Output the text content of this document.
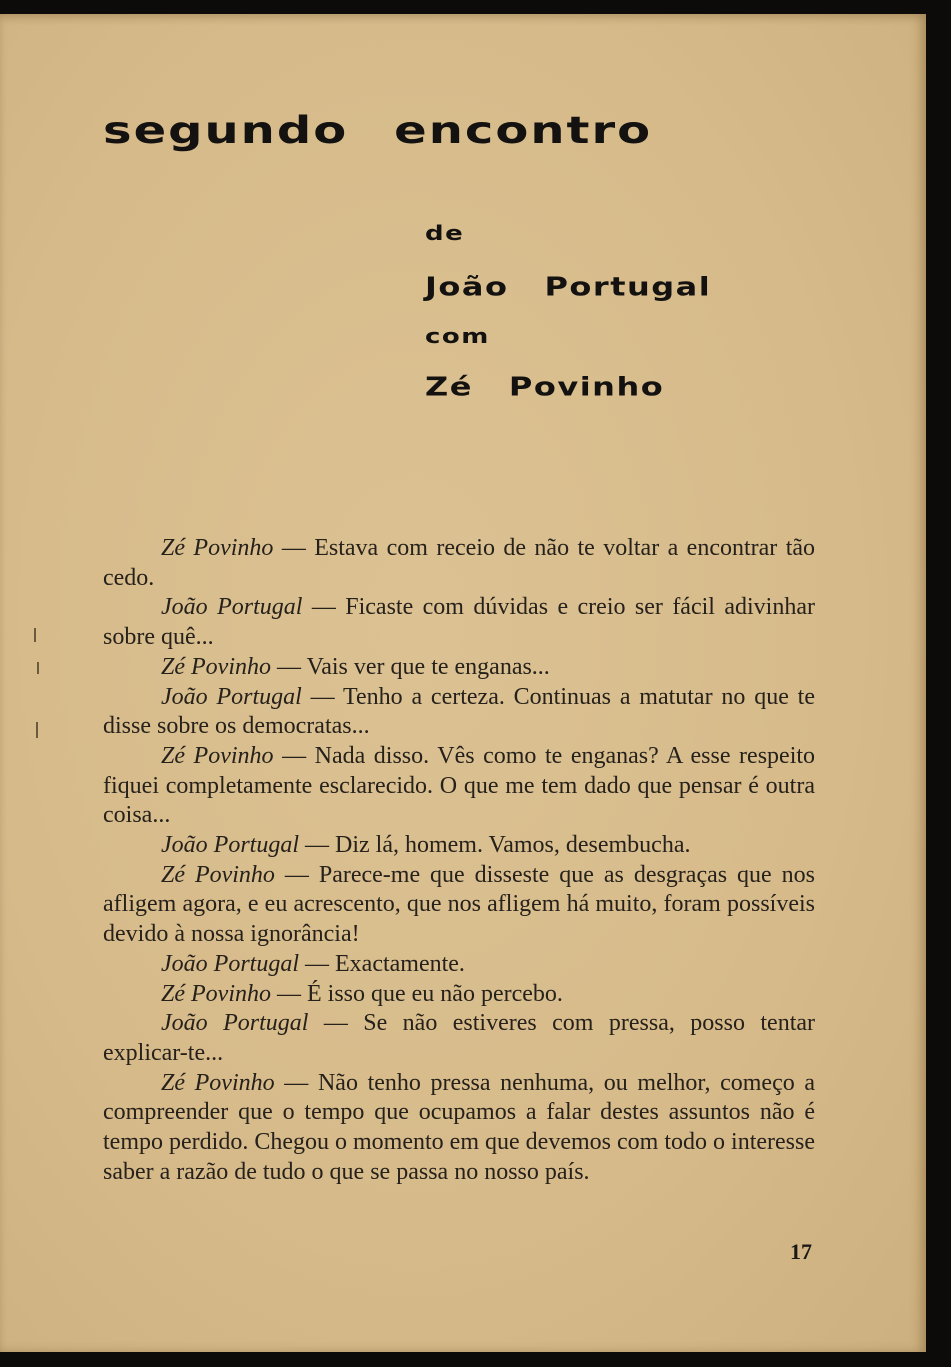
segundo encontro
de
João Portugal
com
Zé Povinho

Zé Povinho — Estava com receio de não te voltar a encontrar tão cedo.

João Portugal — Ficaste com dúvidas e creio ser fácil adivinhar sobre quê...

Zé Povinho — Vais ver que te enganas...

João Portugal — Tenho a certeza. Continuas a matutar no que te disse sobre os democratas...

Zé Povinho — Nada disso. Vês como te enganas? A esse respeito fiquei completamente esclarecido. O que me tem dado que pensar é outra coisa...

João Portugal — Diz lá, homem. Vamos, desembucha.

Zé Povinho — Parece-me que disseste que as desgraças que nos afligem agora, e eu acrescento, que nos afligem há muito, foram possíveis devido à nossa ignorância!

João Portugal — Exactamente.

Zé Povinho — É isso que eu não percebo.

João Portugal — Se não estiveres com pressa, posso tentar explicar-te...

Zé Povinho — Não tenho pressa nenhuma, ou melhor, começo a compreender que o tempo que ocupamos a falar destes assuntos não é tempo perdido. Chegou o momento em que devemos com todo o interesse saber a razão de tudo o que se passa no nosso país.

17
